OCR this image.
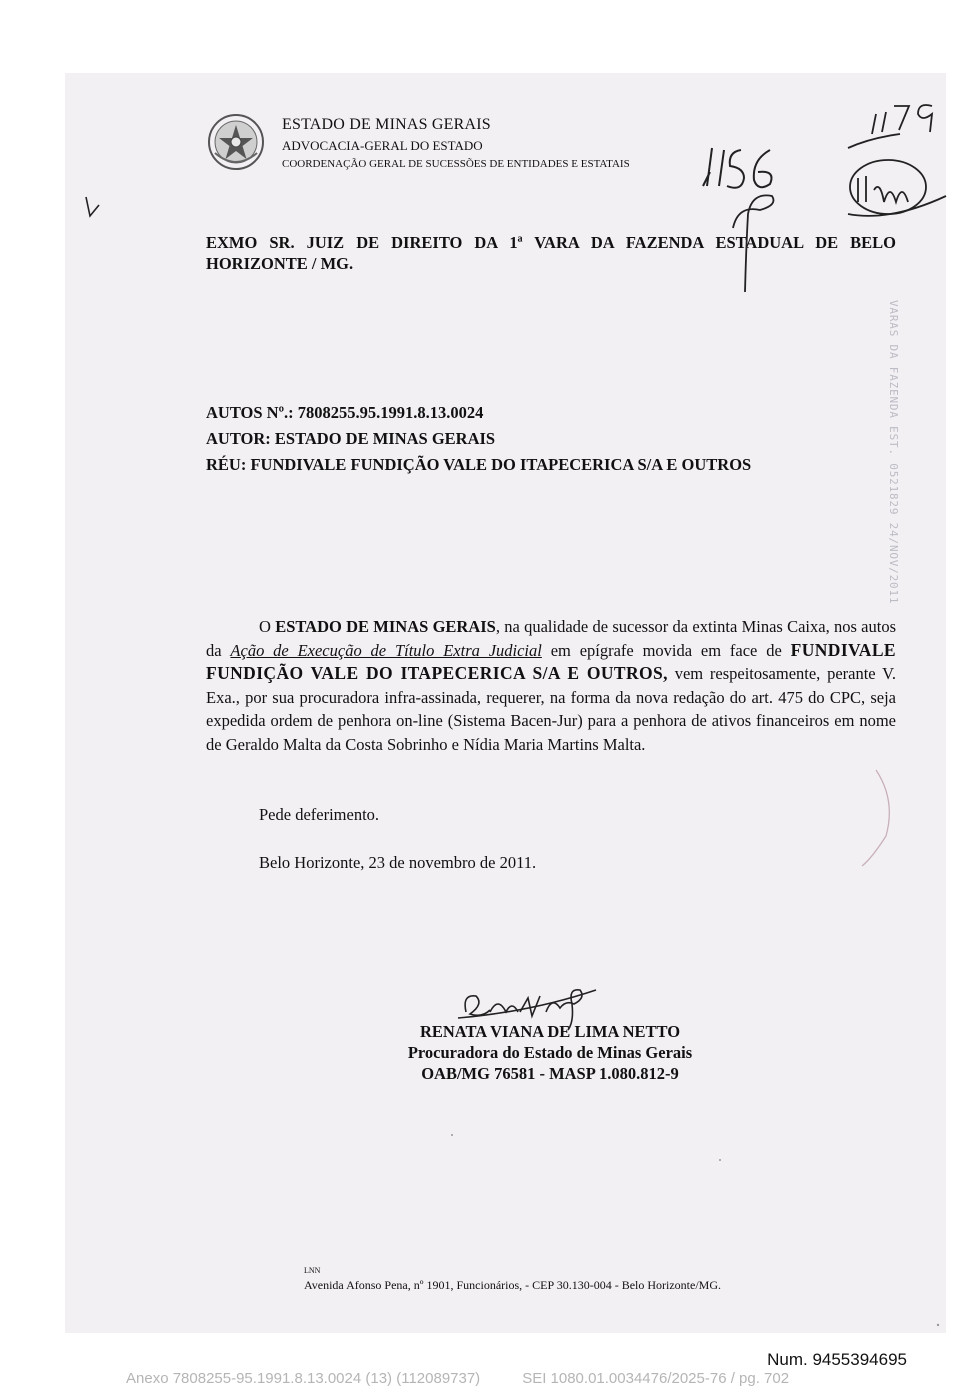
ESTADO DE MINAS GERAIS
ADVOCACIA-GERAL DO ESTADO
COORDENAÇÃO GERAL DE SUCESSÕES DE ENTIDADES E ESTATAIS
EXMO SR. JUIZ DE DIREITO DA 1ª VARA DA FAZENDA ESTADUAL DE BELO HORIZONTE / MG.
AUTOS Nº.: 7808255.95.1991.8.13.0024
AUTOR: ESTADO DE MINAS GERAIS
RÉU: FUNDIVALE FUNDIÇÃO VALE DO ITAPECERICA S/A E OUTROS
O ESTADO DE MINAS GERAIS, na qualidade de sucessor da extinta Minas Caixa, nos autos da Ação de Execução de Título Extra Judicial em epígrafe movida em face de FUNDIVALE FUNDIÇÃO VALE DO ITAPECERICA S/A E OUTROS, vem respeitosamente, perante V. Exa., por sua procuradora infra-assinada, requerer, na forma da nova redação do art. 475 do CPC, seja expedida ordem de penhora on-line (Sistema Bacen-Jur) para a penhora de ativos financeiros em nome de Geraldo Malta da Costa Sobrinho e Nídia Maria Martins Malta.
Pede deferimento.
Belo Horizonte, 23 de novembro de 2011.
RENATA VIANA DE LIMA NETTO
Procuradora do Estado de Minas Gerais
OAB/MG 76581 - MASP 1.080.812-9
LNN
Avenida Afonso Pena, nº 1901, Funcionários, - CEP 30.130-004 - Belo Horizonte/MG.
VARAS DA FAZENDA EST. 0521829 24/NOV/2011
Num. 9455394695
Anexo 7808255-95.1991.8.13.0024 (13) (112089737)	SEI 1080.01.0034476/2025-76 / pg. 702
